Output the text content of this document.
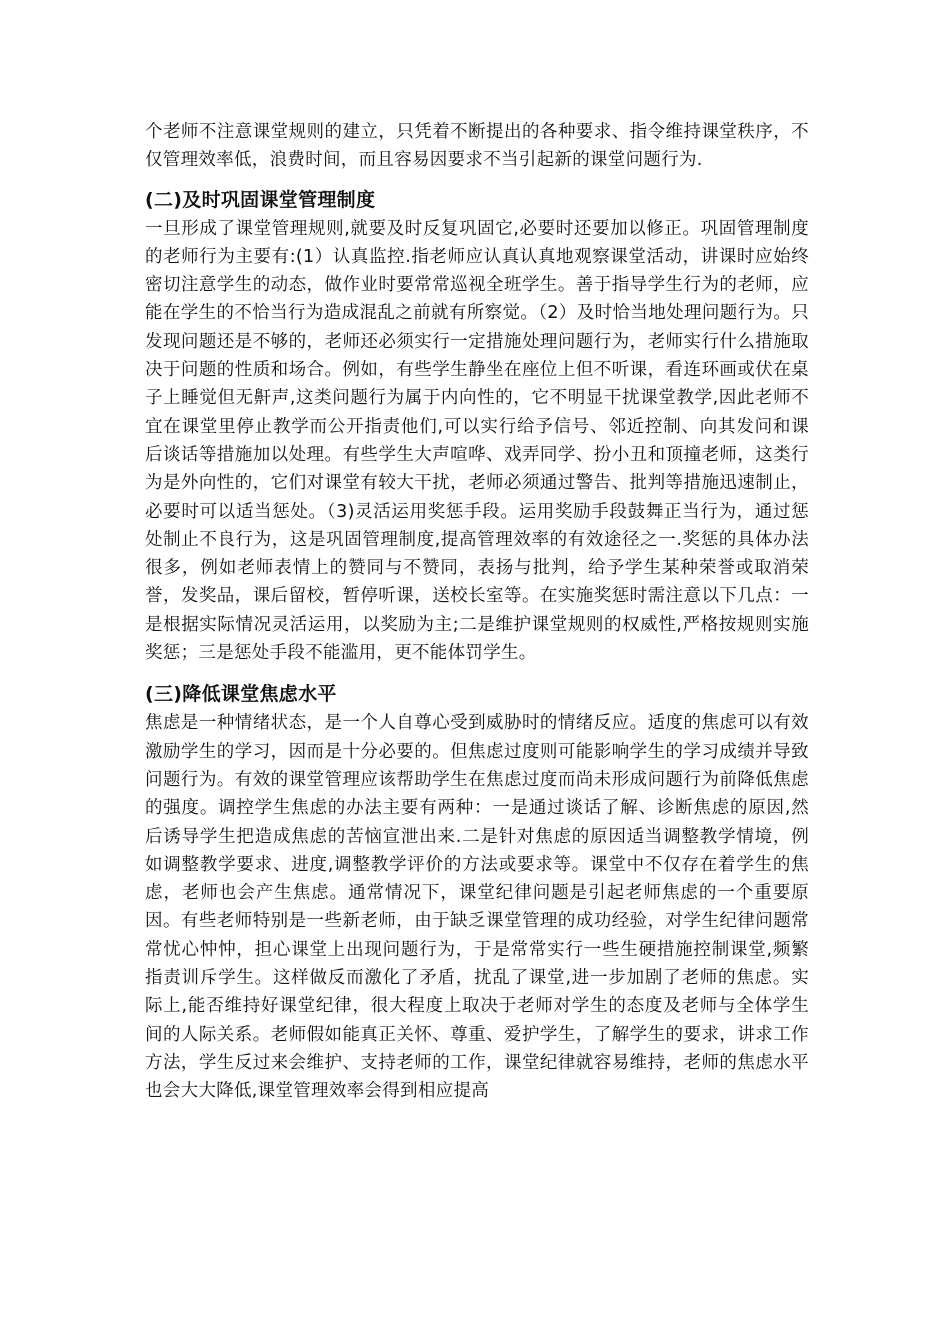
个老师不注意课堂规则的建立，只凭着不断提出的各种要求、指令维持课堂秩序，不仅管理效率低，浪费时间，而且容易因要求不当引起新的课堂问题行为.

(二)及时巩固课堂管理制度

一旦形成了课堂管理规则,就要及时反复巩固它,必要时还要加以修正。巩固管理制度的老师行为主要有:(1）认真监控.指老师应认真认真地观察课堂活动，讲课时应始终密切注意学生的动态，做作业时要常常巡视全班学生。善于指导学生行为的老师，应能在学生的不恰当行为造成混乱之前就有所察觉。（2）及时恰当地处理问题行为。只发现问题还是不够的，老师还必须实行一定措施处理问题行为，老师实行什么措施取决于问题的性质和场合。例如，有些学生静坐在座位上但不听课，看连环画或伏在桌子上睡觉但无鼾声,这类问题行为属于内向性的，它不明显干扰课堂教学,因此老师不宜在课堂里停止教学而公开指责他们,可以实行给予信号、邻近控制、向其发问和课后谈话等措施加以处理。有些学生大声喧哗、戏弄同学、扮小丑和顶撞老师，这类行为是外向性的，它们对课堂有较大干扰，老师必须通过警告、批判等措施迅速制止，必要时可以适当惩处。（3)灵活运用奖惩手段。运用奖励手段鼓舞正当行为，通过惩处制止不良行为，这是巩固管理制度,提高管理效率的有效途径之一.奖惩的具体办法很多，例如老师表情上的赞同与不赞同，表扬与批判，给予学生某种荣誉或取消荣誉，发奖品，课后留校，暂停听课，送校长室等。在实施奖惩时需注意以下几点：一是根据实际情况灵活运用，以奖励为主;二是维护课堂规则的权威性,严格按规则实施奖惩；三是惩处手段不能滥用，更不能体罚学生。

(三)降低课堂焦虑水平

焦虑是一种情绪状态，是一个人自尊心受到威胁时的情绪反应。适度的焦虑可以有效激励学生的学习，因而是十分必要的。但焦虑过度则可能影响学生的学习成绩并导致问题行为。有效的课堂管理应该帮助学生在焦虑过度而尚未形成问题行为前降低焦虑的强度。调控学生焦虑的办法主要有两种：一是通过谈话了解、诊断焦虑的原因,然后诱导学生把造成焦虑的苦恼宣泄出来.二是针对焦虑的原因适当调整教学情境，例如调整教学要求、进度,调整教学评价的方法或要求等。课堂中不仅存在着学生的焦虑，老师也会产生焦虑。通常情况下，课堂纪律问题是引起老师焦虑的一个重要原因。有些老师特别是一些新老师，由于缺乏课堂管理的成功经验，对学生纪律问题常常忧心忡忡，担心课堂上出现问题行为，于是常常实行一些生硬措施控制课堂,频繁指责训斥学生。这样做反而激化了矛盾，扰乱了课堂,进一步加剧了老师的焦虑。实际上,能否维持好课堂纪律，很大程度上取决于老师对学生的态度及老师与全体学生间的人际关系。老师假如能真正关怀、尊重、爱护学生，了解学生的要求，讲求工作方法，学生反过来会维护、支持老师的工作，课堂纪律就容易维持，老师的焦虑水平也会大大降低,课堂管理效率会得到相应提高
